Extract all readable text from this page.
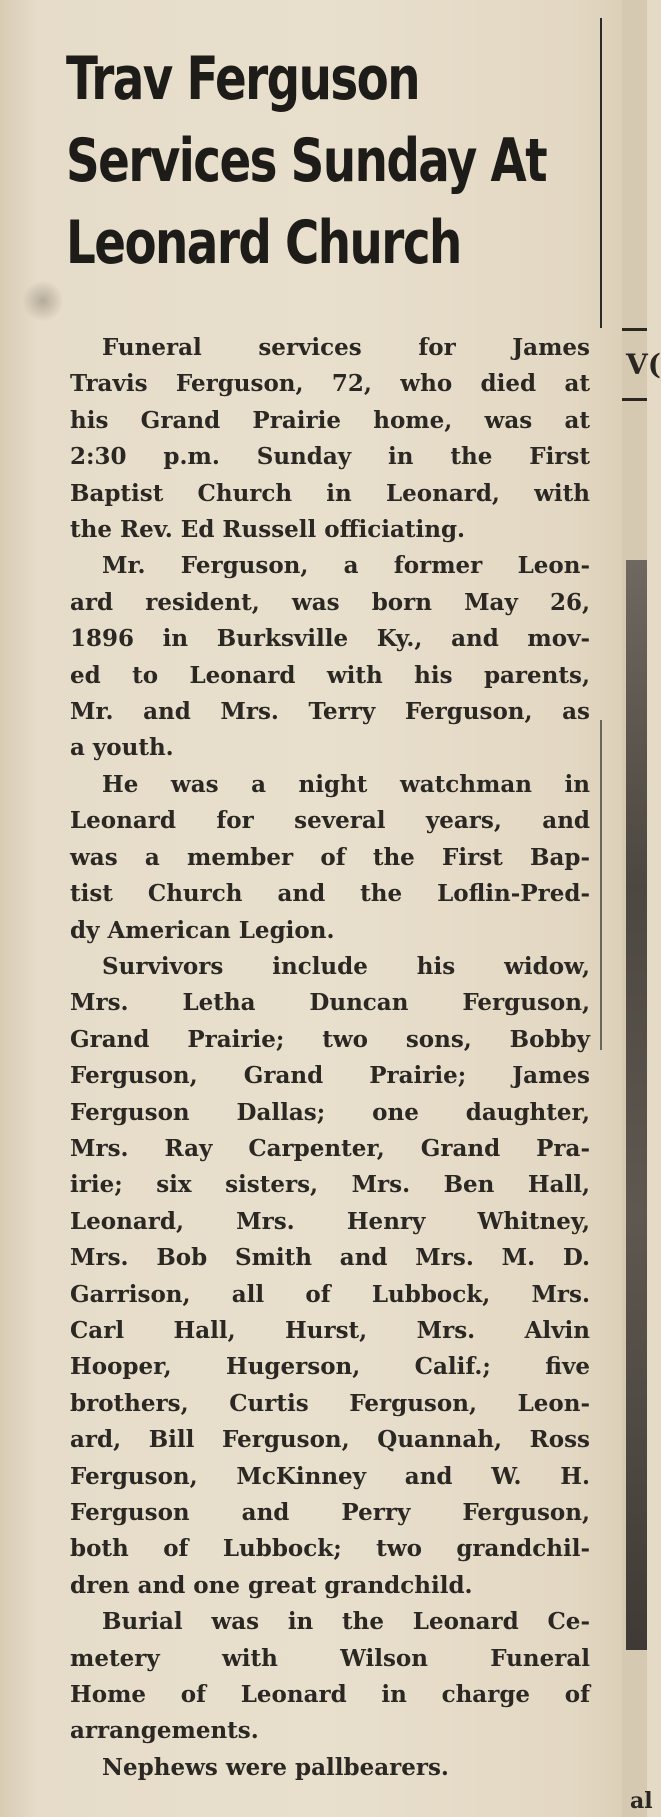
Trav Ferguson
Services Sunday At
Leonard Church
V(
al
Funeral services for James
Travis Ferguson, 72, who died at
his Grand Prairie home, was at
2:30 p.m. Sunday in the First
Baptist Church in Leonard, with
the Rev. Ed Russell officiating.
Mr. Ferguson, a former Leon-
ard resident, was born May 26,
1896 in Burksville Ky., and mov-
ed to Leonard with his parents,
Mr. and Mrs. Terry Ferguson, as
a youth.
He was a night watchman in
Leonard for several years, and
was a member of the First Bap-
tist Church and the Loflin-Pred-
dy American Legion.
Survivors include his widow,
Mrs. Letha Duncan Ferguson,
Grand Prairie; two sons, Bobby
Ferguson, Grand Prairie; James
Ferguson Dallas; one daughter,
Mrs. Ray Carpenter, Grand Pra-
irie; six sisters, Mrs. Ben Hall,
Leonard, Mrs. Henry Whitney,
Mrs. Bob Smith and Mrs. M. D.
Garrison, all of Lubbock, Mrs.
Carl Hall, Hurst, Mrs. Alvin
Hooper, Hugerson, Calif.; five
brothers, Curtis Ferguson, Leon-
ard, Bill Ferguson, Quannah, Ross
Ferguson, McKinney and W. H.
Ferguson and Perry Ferguson,
both of Lubbock; two grandchil-
dren and one great grandchild.
Burial was in the Leonard Ce-
metery with Wilson Funeral
Home of Leonard in charge of
arrangements.
Nephews were pallbearers.
